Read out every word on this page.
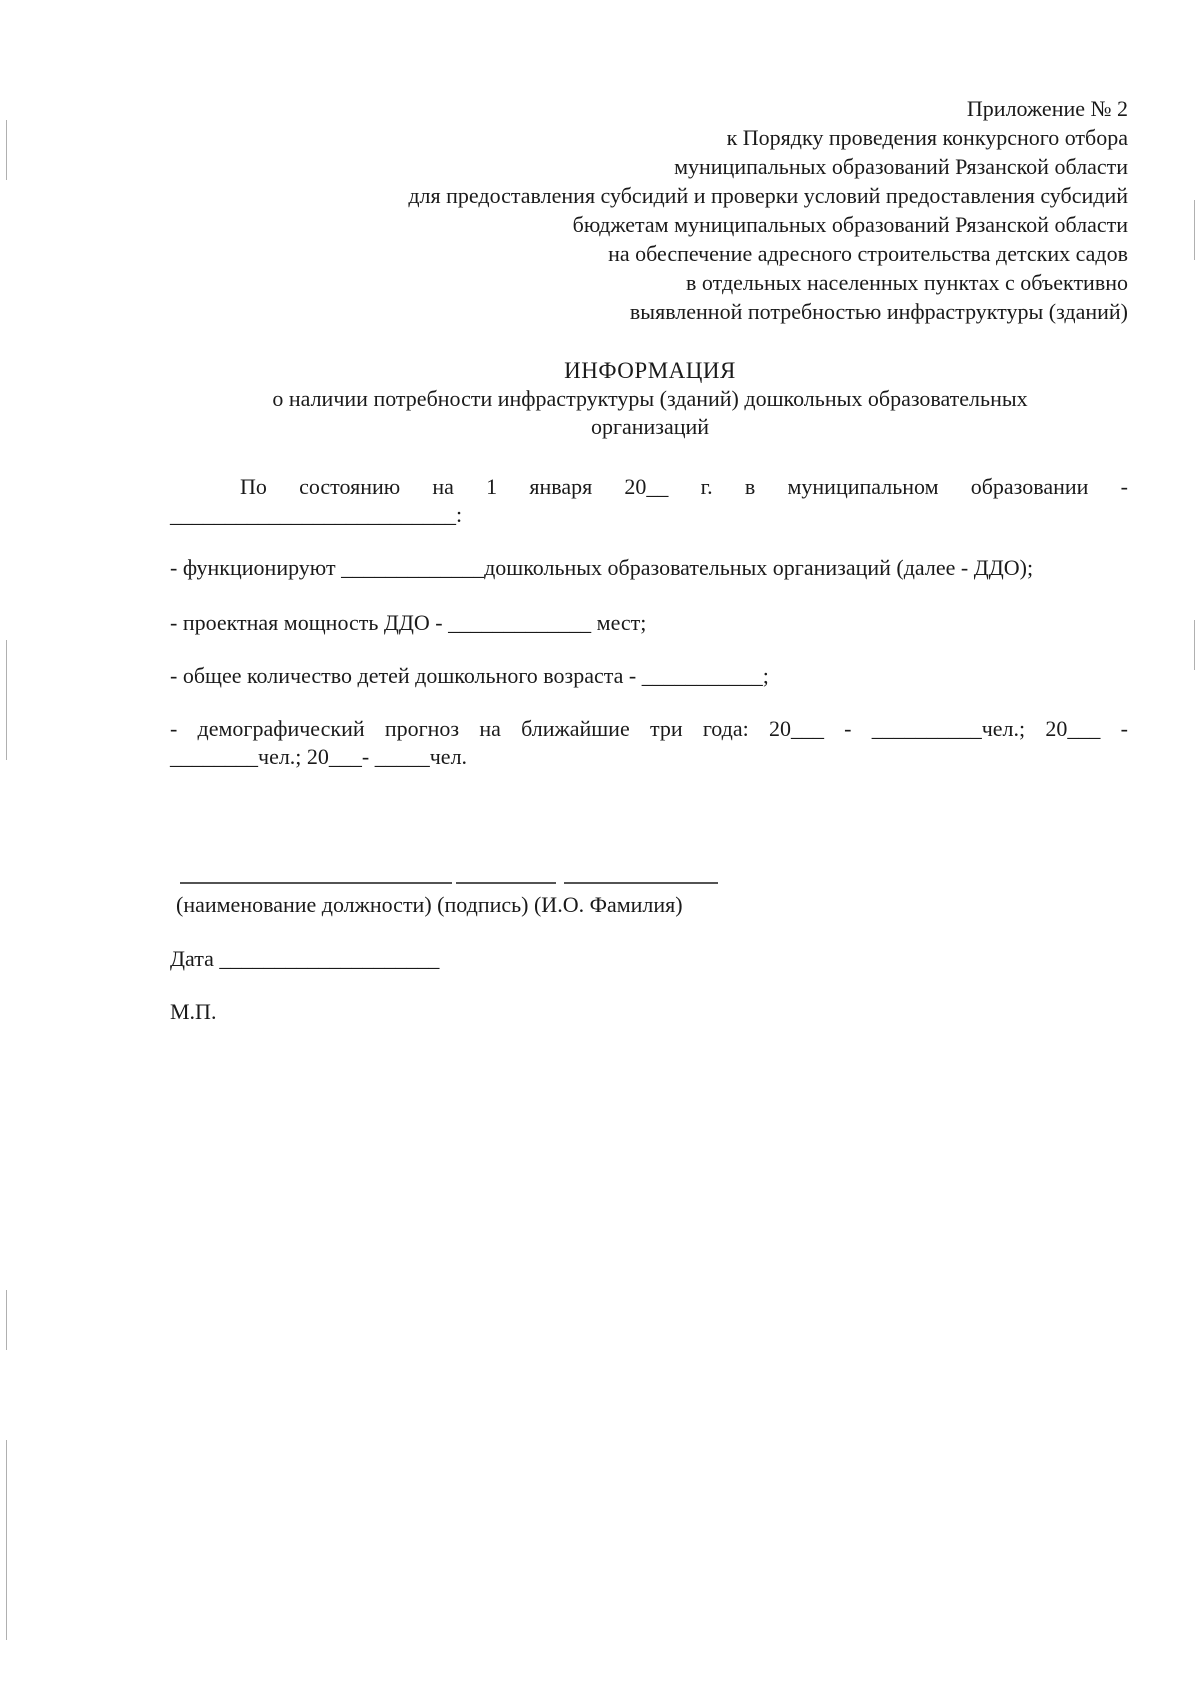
Приложение № 2
к Порядку проведения конкурсного отбора
муниципальных образований Рязанской области
для предоставления субсидий и проверки условий предоставления субсидий
бюджетам муниципальных образований Рязанской области
на обеспечение адресного строительства детских садов
в отдельных населенных пунктах с объективно
выявленной потребностью инфраструктуры (зданий)
ИНФОРМАЦИЯ
о наличии потребности инфраструктуры (зданий) дошкольных образовательных
организаций
По состоянию на 1 января 20__ г. в муниципальном образовании -
__________________________:
- функционируют _____________дошкольных образовательных организаций (далее - ДДО);
- проектная мощность ДДО - _____________ мест;
- общее количество детей дошкольного возраста - ___________;
- демографический прогноз на ближайшие три года: 20___ - __________чел.; 20___ -
________чел.; 20___- _____чел.
(наименование должности) (подпись) (И.О. Фамилия)
Дата ____________________
М.П.
